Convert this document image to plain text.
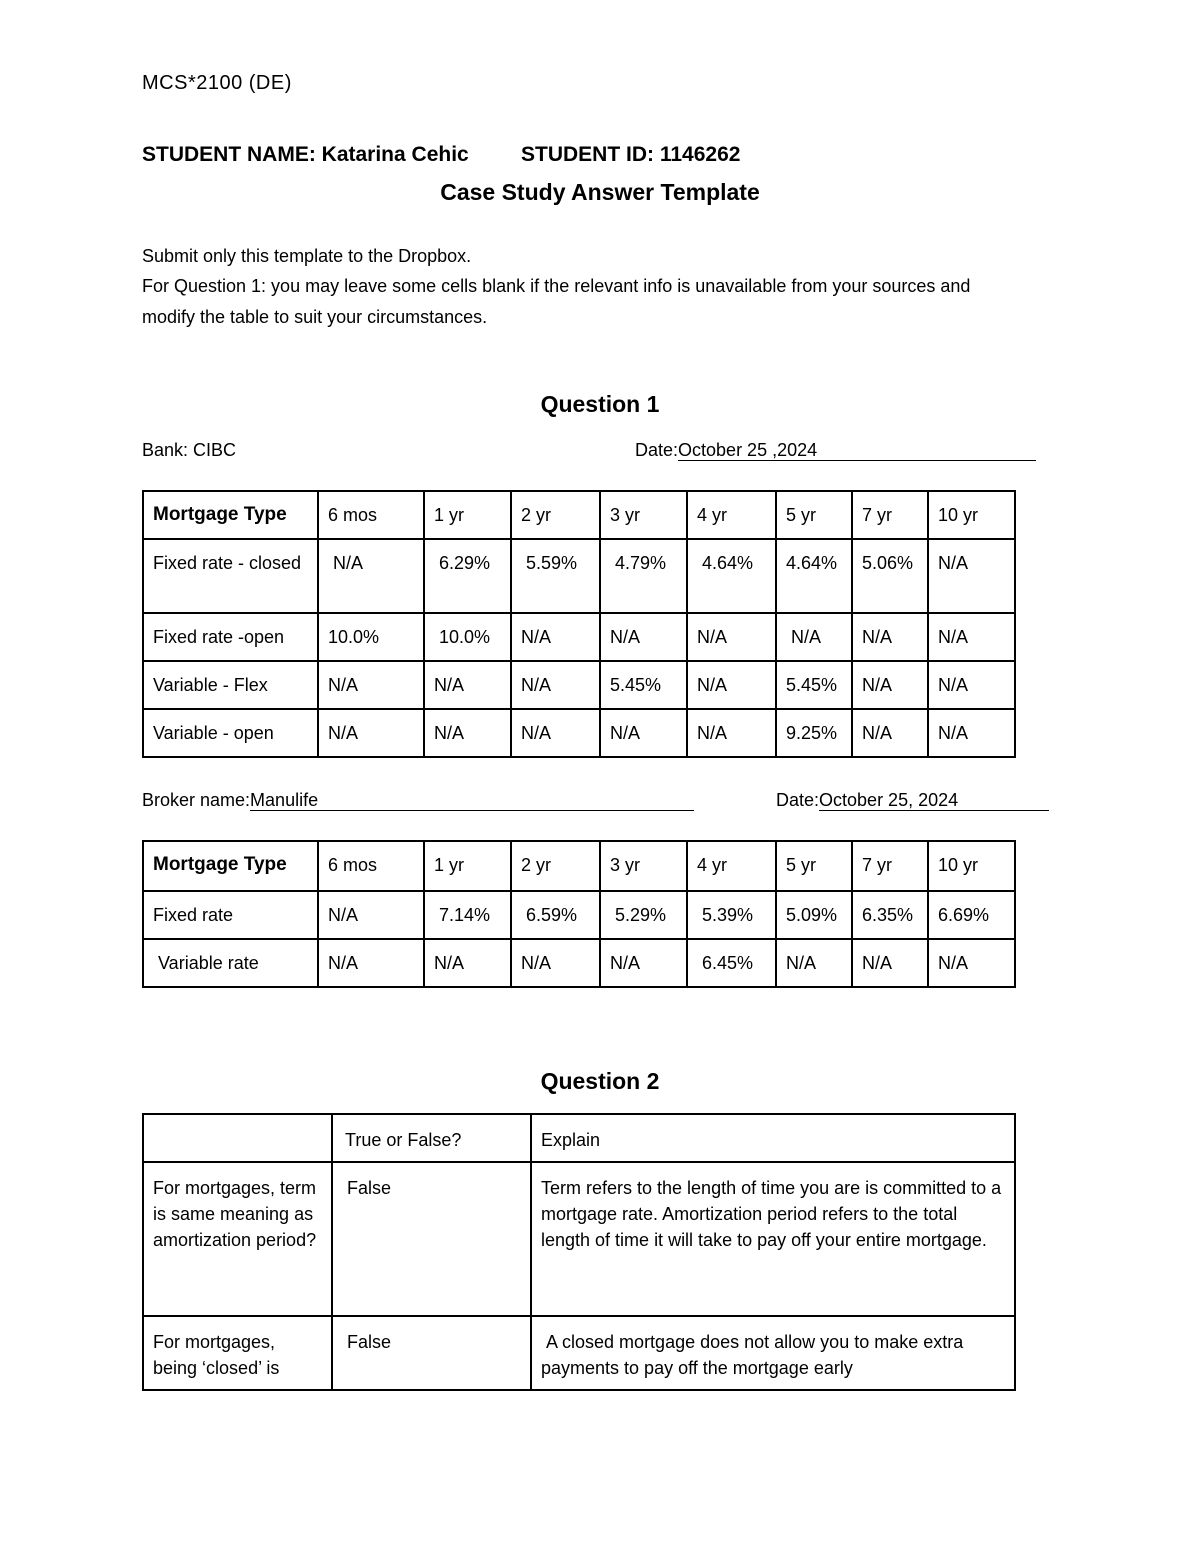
MCS*2100 (DE)
STUDENT NAME: Katarina Cehic STUDENT ID: 1146262
Case Study Answer Template
Submit only this template to the Dropbox.
For Question 1: you may leave some cells blank if the relevant info is unavailable from your sources and
modify the table to suit your circumstances.
Question 1
Bank: CIBC	Date:October 25 ,2024
Mortgage Type	6 mos	1 yr	2 yr	3 yr	4 yr	5 yr	7 yr	10 yr
Fixed rate - closed	N/A	6.29%	5.59%	4.79%	4.64%	4.64%	5.06%	N/A
Fixed rate -open	10.0%	10.0%	N/A	N/A	N/A	N/A	N/A	N/A
Variable - Flex	N/A	N/A	N/A	5.45%	N/A	5.45%	N/A	N/A
Variable - open	N/A	N/A	N/A	N/A	N/A	9.25%	N/A	N/A
Broker name:Manulife	Date:October 25, 2024
Mortgage Type	6 mos	1 yr	2 yr	3 yr	4 yr	5 yr	7 yr	10 yr
Fixed rate	N/A	7.14%	6.59%	5.29%	5.39%	5.09%	6.35%	6.69%
Variable rate	N/A	N/A	N/A	N/A	6.45%	N/A	N/A	N/A
Question 2
	True or False?	Explain
For mortgages, term is same meaning as amortization period?	False	Term refers to the length of time you are is committed to a mortgage rate. Amortization period refers to the total length of time it will take to pay off your entire mortgage.
For mortgages, being ‘closed’ is	False	A closed mortgage does not allow you to make extra payments to pay off the mortgage early
